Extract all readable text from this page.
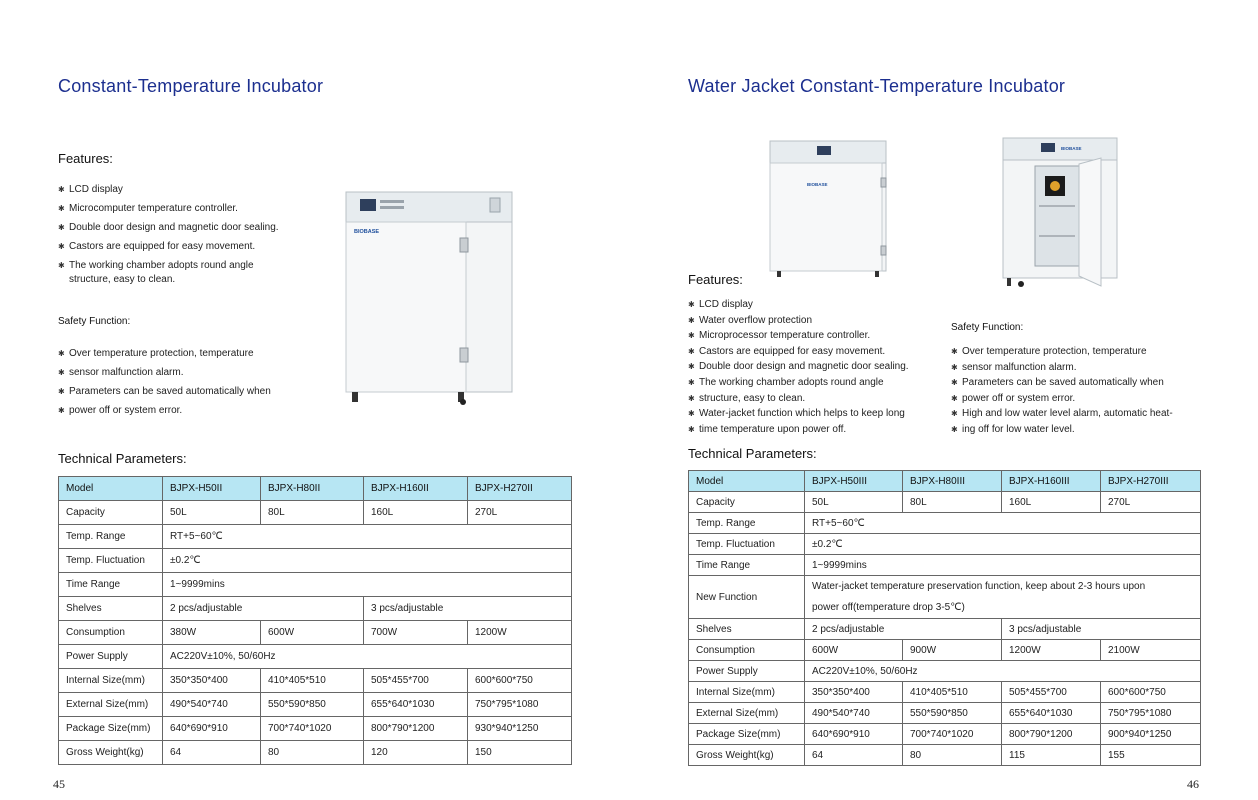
Constant-Temperature Incubator
Features:
✱ LCD display
✱ Microcomputer temperature controller.
✱ Double door design and magnetic door sealing.
✱ Castors are equipped for easy movement.
✱ The working chamber adopts round angle
structure, easy to clean.
Safety Function:
✱ Over temperature protection, temperature
✱ sensor malfunction alarm.
✱ Parameters can be saved automatically when
✱ power off or system error.
BIOBASE
Technical Parameters:
Model	BJPX-H50II	BJPX-H80II	BJPX-H160II	BJPX-H270II
Capacity	50L	80L	160L	270L
Temp. Range	RT+5~60℃			
Temp. Fluctuation	±0.2℃			
Time Range	1~9999mins			
Shelves	2 pcs/adjustable		3 pcs/adjustable	
Consumption	380W	600W	700W	1200W
Power Supply	AC220V±10%, 50/60Hz			
Internal Size(mm)	350*350*400	410*405*510	505*455*700	600*600*750
External Size(mm)	490*540*740	550*590*850	655*640*1030	750*795*1080
Package Size(mm)	640*690*910	700*740*1020	800*790*1200	930*940*1250
Gross Weight(kg)	64	80	120	150
45
Water Jacket Constant-Temperature Incubator
BIOBASE
BIOBASE
Features:
✱ LCD display
✱ Water overflow protection
✱ Microprocessor temperature controller.
✱ Castors are equipped for easy movement.
✱ Double door design and magnetic door sealing.
✱ The working chamber adopts round angle
✱ structure, easy to clean.
✱ Water-jacket function which helps to keep long
✱ time temperature upon power off.
Safety Function:
✱ Over temperature protection, temperature
✱ sensor malfunction alarm.
✱ Parameters can be saved automatically when
✱ power off or system error.
✱ High and low water level alarm, automatic heat-
✱ ing off for low water level.
Technical Parameters:
Model	BJPX-H50III	BJPX-H80III	BJPX-H160III	BJPX-H270III
Capacity	50L	80L	160L	270L
Temp. Range	RT+5~60℃			
Temp. Fluctuation	±0.2℃			
Time Range	1~9999mins			
New Function	Water-jacket temperature preservation function, keep about 2-3 hours upon
power off(temperature drop 3-5℃)			

Shelves	2 pcs/adjustable		3 pcs/adjustable	
Consumption	600W	900W	1200W	2100W
Power Supply	AC220V±10%, 50/60Hz			
Internal Size(mm)	350*350*400	410*405*510	505*455*700	600*600*750
External Size(mm)	490*540*740	550*590*850	655*640*1030	750*795*1080
Package Size(mm)	640*690*910	700*740*1020	800*790*1200	900*940*1250
Gross Weight(kg)	64	80	115	155
46
